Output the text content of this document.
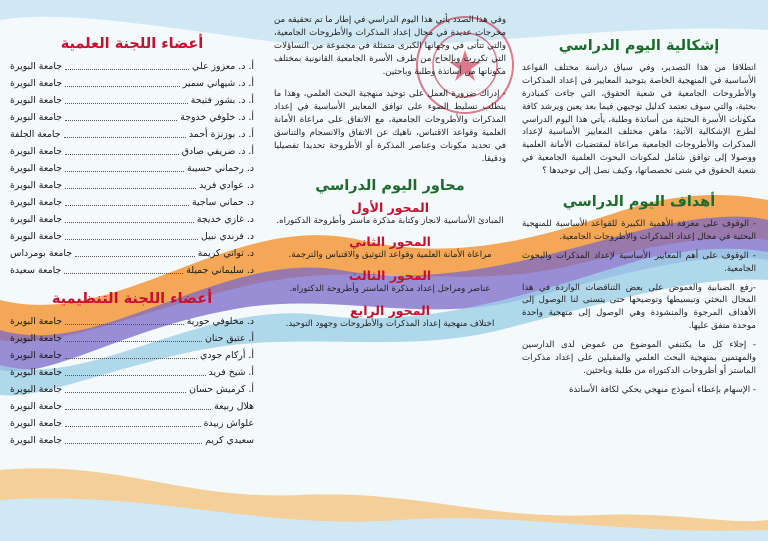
إشكالية اليوم الدراسي

انطلاقا من هذا التصدير، وفي سياق دراسة مختلف القواعد الأساسية في المنهجية الخاصة بتوحيد المعايير في إعداد المذكرات والأطروحات الجامعية في شعبة الحقوق، التي جاءت كمبادرة بحثية، والتي سوف تعتمد كدليل توجيهي فيما بعد يعين ويرشد كافة مكونات الأسرة البحثية من أساتذة وطلبة، يأتي هذا اليوم الدراسي لطرح الإشكالية الآتية: ماهي مختلف المعايير الأساسية لإعداد المذكرات والأطروحات الجامعية مراعاة لمقتضيات الأمانة العلمية ووصولا إلى توافق شامل لمكونات البحوث العلمية الجامعية في شعبة الحقوق في شتى تخصصاتها، وكيف نصل إلى توحيدها ؟

أهداف اليوم الدراسي

- الوقوف على معرفة الأهمية الكبيرة للقواعد الأساسية للمنهجية البحثية في مجال إعداد المذكرات والأطروحات الجامعية.

- الوقوف على أهم المعايير الأساسية لإعداد المذكرات والبحوث الجامعية.

-رفع الضبابية والغموض على بعض التناقضات الواردة في هذا المجال البحثي وتبسيطها وتوضيحها حتى يتسنى لنا الوصول إلى الأهداف المرجوة والمنشودة وهي الوصول إلى منهجية واحدة موحدة متفق عليها.

- إجلاء كل ما يكتنفي الموضوع من غموض لدى الدارسين والمهتمين بمنهجية البحث العلمي والمقبلين على إعداد مذكرات الماستر أو أطروحات الدكتوراه من طلبة وباحثين.

- الإسهام بإعطاء أنموذج منهجي يحكي لكافة الأساتذة

وفي هذا الصدد يأتي هذا اليوم الدراسي في إطار ما تم تحقيقه من مخرجات عديدة في مجال إعداد المذكرات والأطروحات الجامعية، والتي تتأتى في وجهاتها الكبرى متمثلة في مجموعة من التساؤلات التي تكررت وبإلحاح من طرف الأسرة الجامعية القانونية بمختلف مكوناتها من أساتذة وطلبة وباحثين.

- إدراك ضرورة العمل على توحيد منهجية البحث العلمي، وهذا ما يتطلب تسليط الضوء على توافق المعايير الأساسية في إعداد المذكرات والأطروحات الجامعية، مع الاتفاق على مراعاة الأمانة العلمية وقواعد الاقتباس، ناهيك عن الاتفاق والانسجام والتناسق في تحديد مكونات وعناصر المذكرة أو الأطروحة تحديدا تفصيليا ودقيقا.

محاور اليوم الدراسي
المحور الأول

المبادئ الأساسية لانجاز وكتابة مذكرة ماستر وأطروحة الدكتوراه.

المحور الثاني

مراعاة الأمانة العلمية وقواعد التوثيق والاقتباس والترجمة.

المحور الثالث

عناصر ومراحل إعداد مذكرة الماستر وأطروحة الدكتوراه.

المحور الرابع

اختلاف منهجية إعداد المذكرات والأطروحات وجهود التوحيد.

أعضاء اللجنة العلمية
أ. د. معزوز علي
جامعة البويرة
أ. د. شيهاني سمير
جامعة البويرة
أ. د. بشور فتيحة
جامعة البويرة
أ. د. خلوفي خدوجة
جامعة البويرة
أ. د. بوزنزة أحمد
جامعة الجلفة
أ. د. ضريفي صادق
جامعة البويرة
د. رحماني حسيبة
جامعة البويرة
د. عوادي فريد
جامعة البويرة
د. حماني ساجية
جامعة البويرة
د. غازي خديجة
جامعة البويرة
د. فرندي نبيل
جامعة البويرة
د. تواتي كريمة
جامعة بومرداس
د. سليماني جميلة
جامعة سعيدة
أعضاء اللجنة التنظيمية
د. مخلوفي حورية
جامعة البويرة
أ. عتيق حنان
جامعة البويرة
أ. أركام جودي
جامعة البويرة
أ. شيخ فريد
جامعة البويرة
أ. كرميش حسان
جامعة البويرة
هلال ربيعة
جامعة البويرة
علواش زبيدة
جامعة البويرة
سعيدي كريم
جامعة البويرة
